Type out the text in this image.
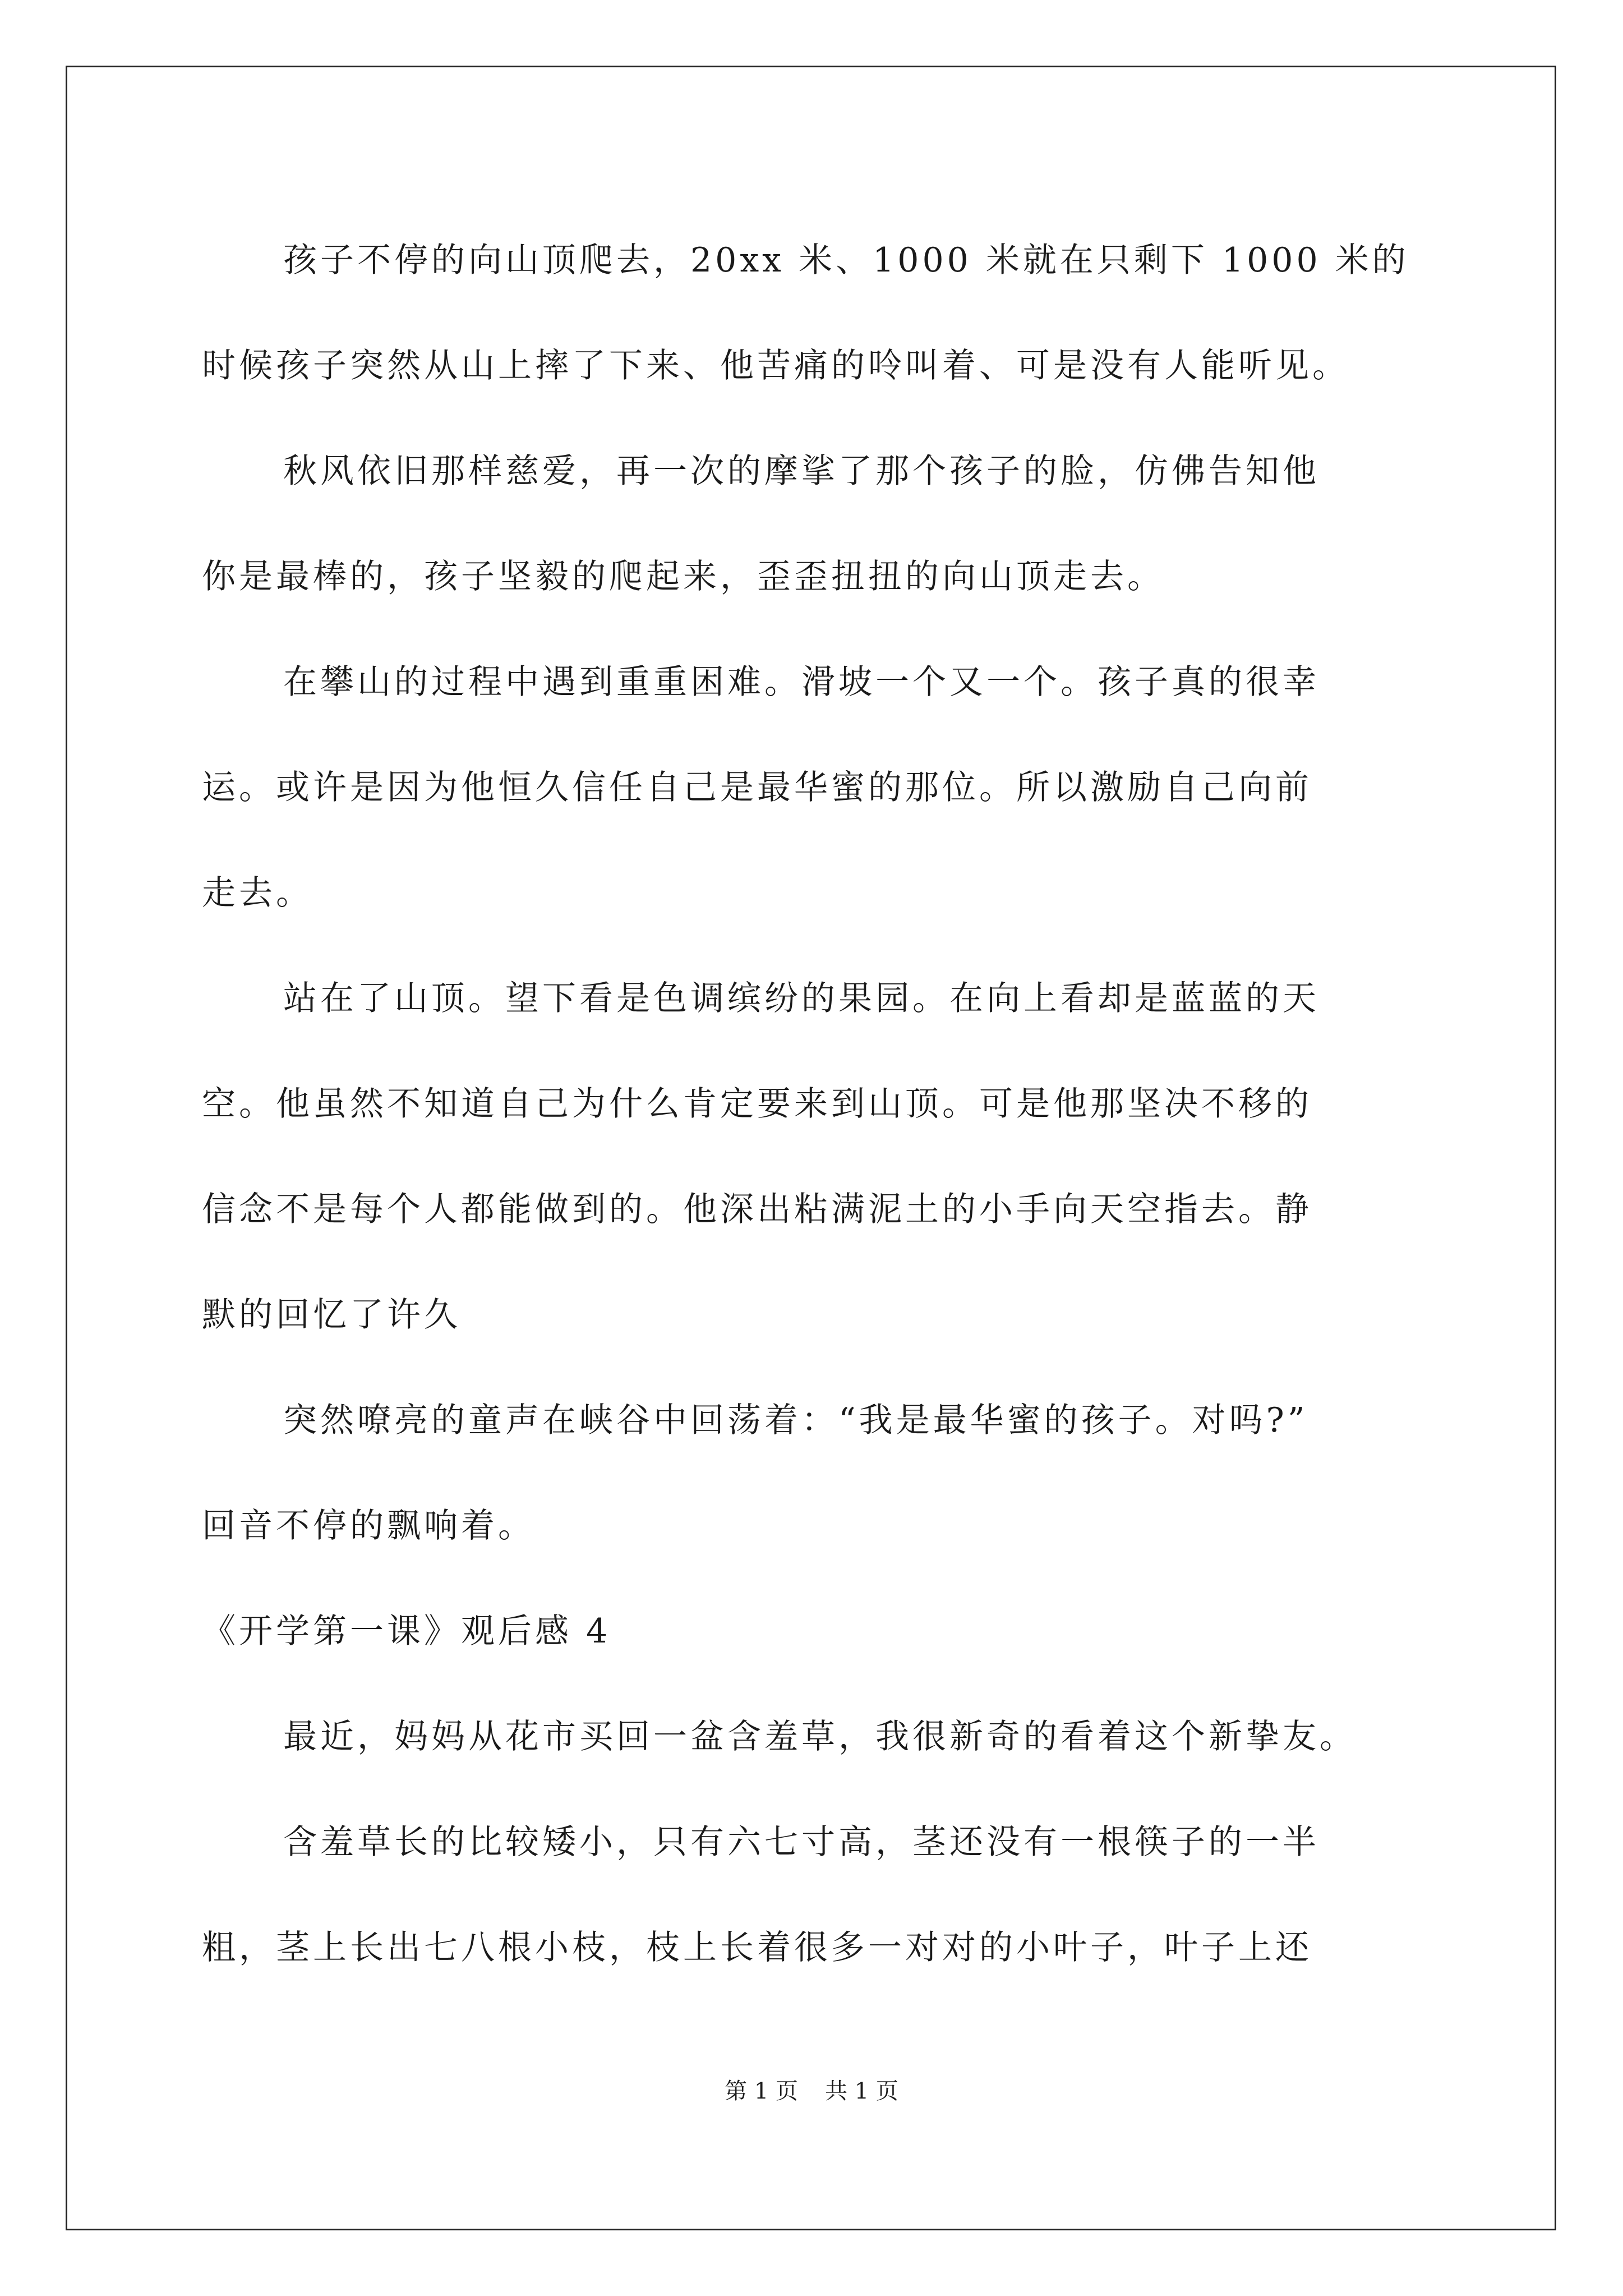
孩子不停的向山顶爬去，20xx 米、1000 米就在只剩下 1000 米的
时候孩子突然从山上摔了下来、他苦痛的呤叫着、可是没有人能听见。
秋风依旧那样慈爱，再一次的摩挲了那个孩子的脸，仿佛告知他
你是最棒的，孩子坚毅的爬起来，歪歪扭扭的向山顶走去。
在攀山的过程中遇到重重困难。滑坡一个又一个。孩子真的很幸
运。或许是因为他恒久信任自己是最华蜜的那位。所以激励自己向前
走去。
站在了山顶。望下看是色调缤纷的果园。在向上看却是蓝蓝的天
空。他虽然不知道自己为什么肯定要来到山顶。可是他那坚决不移的
信念不是每个人都能做到的。他深出粘满泥土的小手向天空指去。静
默的回忆了许久
突然嘹亮的童声在峡谷中回荡着：“我是最华蜜的孩子。对吗?”
回音不停的飘响着。
《开学第一课》观后感 4
最近，妈妈从花市买回一盆含羞草，我很新奇的看着这个新挚友。
含羞草长的比较矮小，只有六七寸高，茎还没有一根筷子的一半
粗，茎上长出七八根小枝，枝上长着很多一对对的小叶子，叶子上还
第 1 页 共 1 页
